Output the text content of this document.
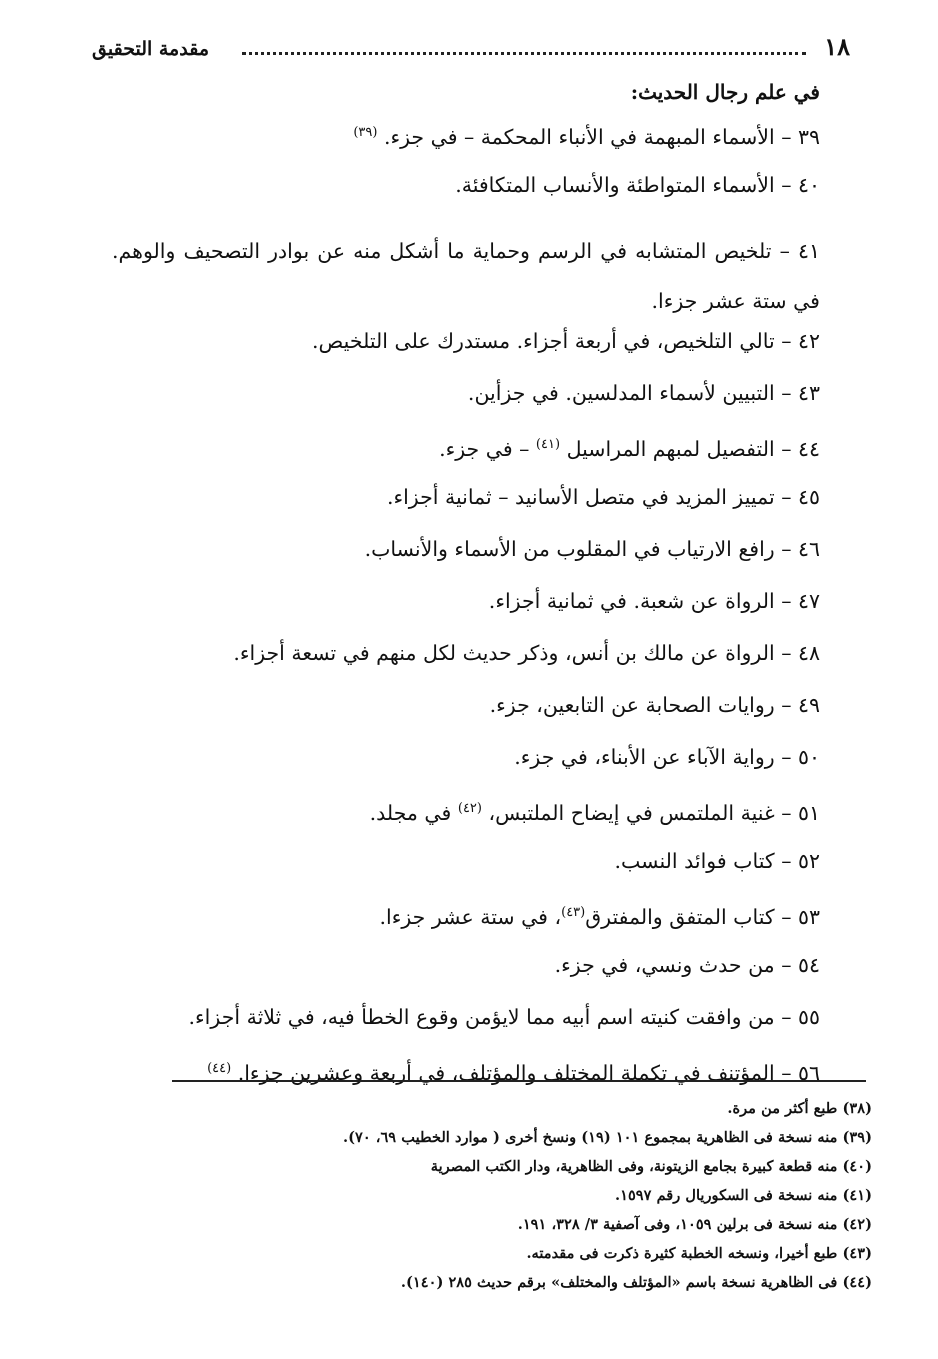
١٨
مقدمة التحقيق
في علم رجال الحديث:
٣٩ – الأسماء المبهمة في الأنباء المحكمة – في جزء. $^{(٣٩)}$
٤٠ – الأسماء المتواطئة والأنساب المتكافئة.
٤١ – تلخيص المتشابه في الرسم وحماية ما أشكل منه عن بوادر التصحيف والوهم. في ستة عشر جزءا.
٤٢ – تالي التلخيص، في أربعة أجزاء. مستدرك على التلخيص.
٤٣ – التبيين لأسماء المدلسين. في جزأين.
٤٤ – التفصيل لمبهم المراسيل $^{(٤١)}$ – في جزء.
٤٥ – تمييز المزيد في متصل الأسانيد – ثمانية أجزاء.
٤٦ – رافع الارتياب في المقلوب من الأسماء والأنساب.
٤٧ – الرواة عن شعبة. في ثمانية أجزاء.
٤٨ – الرواة عن مالك بن أنس، وذكر حديث لكل منهم في تسعة أجزاء.
٤٩ – روايات الصحابة عن التابعين، جزء.
٥٠ – رواية الآباء عن الأبناء، في جزء.
٥١ – غنية الملتمس في إيضاح الملتبس، $^{(٤٢)}$ في مجلد.
٥٢ – كتاب فوائد النسب.
٥٣ – كتاب المتفق والمفترق$^{(٤٣)}$، في ستة عشر جزءا.
٥٤ – من حدث ونسي، في جزء.
٥٥ – من وافقت كنيته اسم أبيه مما لايؤمن وقوع الخطأ فيه، في ثلاثة أجزاء.
٥٦ – المؤتنف في تكملة المختلف والمؤتلف، في أربعة وعشرين جزءا. $^{(٤٤)}$
(٣٨) طبع أكثر من مرة.
(٣٩) منه نسخة فى الظاهرية بمجموع ١٠١ (١٩) ونسخ أخرى ( موارد الخطيب ٦٩، ٧٠).
(٤٠) منه قطعة كبيرة بجامع الزيتونة، وفى الظاهرية، ودار الكتب المصرية
(٤١) منه نسخة فى السكوريال رقم ١٥٩٧.
(٤٢) منه نسخة فى برلين ١٠٥٩، وفى آصفية ٣/ ٣٢٨، ١٩١.
(٤٣) طبع أخيرا، ونسخه الخطبة كثيرة ذكرت فى مقدمته.
(٤٤) فى الظاهرية نسخة باسم «المؤتلف والمختلف» برقم حديث ٢٨٥ (١٤٠).
